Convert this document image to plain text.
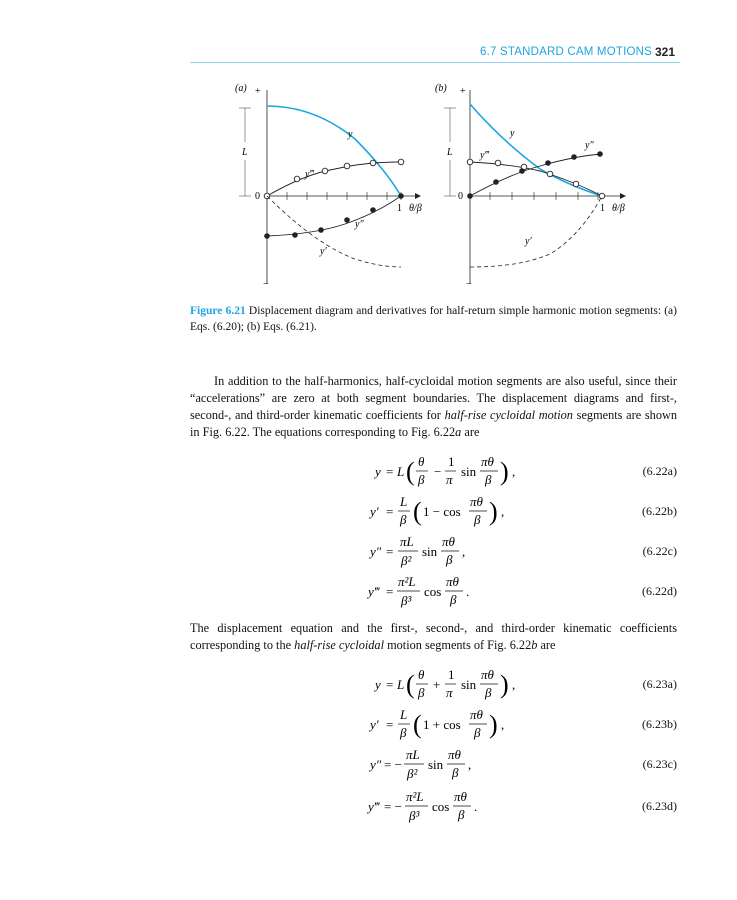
6.7 STANDARD CAM MOTIONS 321
(a) +
−
L
0
1 θ/β
y
y‴
y″
y′
(b) +
−
L
0
1 θ/β
y
y‴
y″
y′
Figure 6.21 Displacement diagram and derivatives for half-return simple harmonic motion segments: (a) Eqs. (6.20); (b) Eqs. (6.21).
In addition to the half-harmonics, half-cycloidal motion segments are also useful, since their “accelerations” are zero at both segment boundaries. The displacement diagrams and first-, second-, and third-order kinematic coefficients for half-rise cycloidal motion segments are shown in Fig. 6.22. The equations corresponding to Fig. 6.22a are
y = L ( θ
β
−
1
π
sin
πθ
β ) ,	(6.22a)
y′ =
L
β ( 1 − cos
πθ
β ) ,	(6.22b)
y″ =
πL
β²
sin
πθ
β
,	(6.22c)
y‴ =
π²L
β³
cos
πθ
β
.	(6.22d)
The displacement equation and the first-, second-, and third-order kinematic coefficients corresponding to the half-rise cycloidal motion segments of Fig. 6.22b are
y = L ( θ
β
+
1
π
sin
πθ
β ) ,	(6.23a)
y′ =
L
β ( 1 + cos
πθ
β ) ,	(6.23b)
y″ = −
πL
β²
sin
πθ
β
,	(6.23c)
y‴ = −
π²L
β³
cos
πθ
β
.	(6.23d)
